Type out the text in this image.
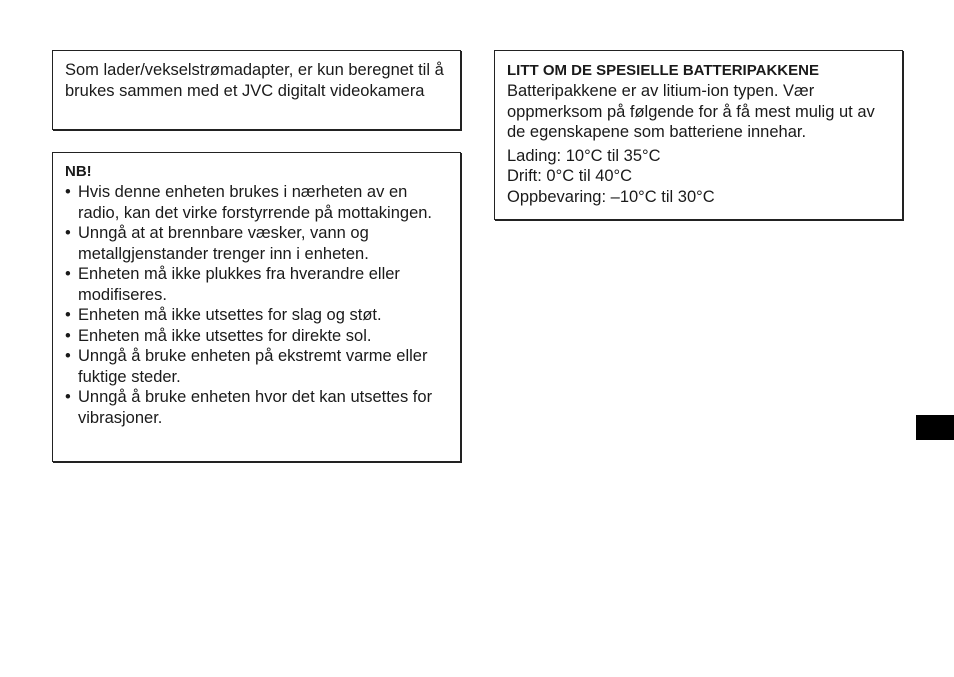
Som lader/vekselstrømadapter, er kun beregnet til å brukes sammen med et JVC digitalt videokamera

NB!

• Hvis denne enheten brukes i nærheten av en radio, kan det virke forstyrrende på mottakingen.
• Unngå at at brennbare væsker, vann og metallgjenstander trenger inn i enheten.
• Enheten må ikke plukkes fra hverandre eller modifiseres.
• Enheten må ikke utsettes for slag og støt.
• Enheten må ikke utsettes for direkte sol.
• Unngå å bruke enheten på ekstremt varme eller fuktige steder.
• Unngå å bruke enheten hvor det kan utsettes for vibrasjoner.

LITT OM DE SPESIELLE BATTERIPAKKENE

Batteripakkene er av litium-ion typen. Vær oppmerksom på følgende for å få mest mulig ut av de egenskapene som batteriene innehar.

Lading: 10°C til 35°C
Drift: 0°C til 40°C
Oppbevaring: –10°C til 30°C
